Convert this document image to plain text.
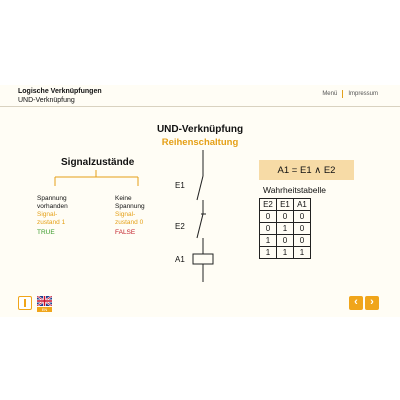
Logische Verknüpfungen
UND-Verknüpfung
Menü Impressum
UND-Verknüpfung
Reihenschaltung
Signalzustände
Spannung
vorhanden
Signal-
zustand 1
TRUE
Keine
Spannung
Signal-
zustand 0
FALSE
E1
E2
A1
A1 = E1 ∧ E2
Wahrheitstabelle
E2	E1	A1
0	0	0
0	1	0
1	0	0
1	1	1
EN
‹	›
